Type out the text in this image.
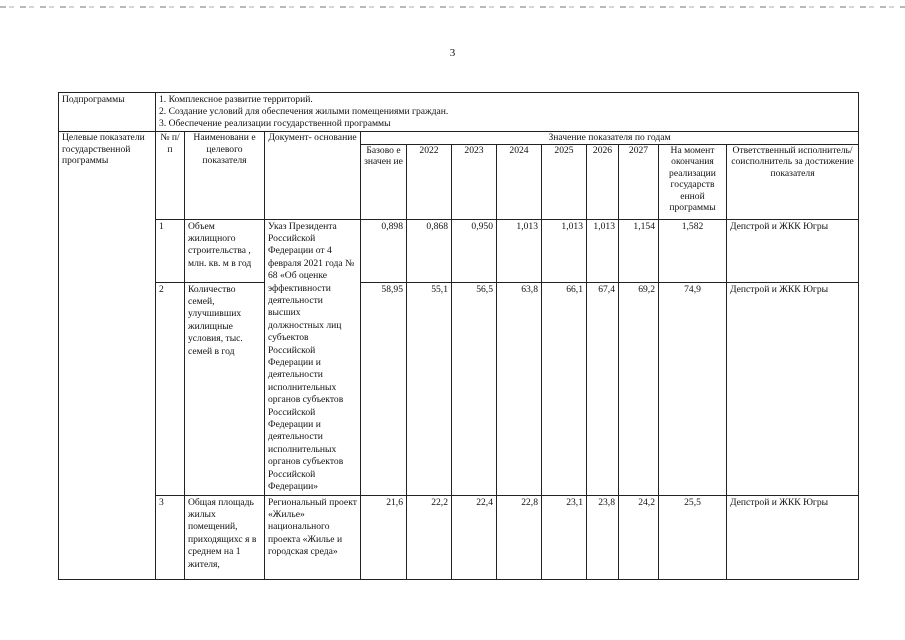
3
Подпрограммы	1. Комплексное развитие территорий.
2. Создание условий для обеспечения жилыми помещениями граждан.
3. Обеспечение реализации государственной программы											

Целевые показатели государственной программы	№ п/п	Наименовани е целевого показателя	Документ- основание	Значение показателя по годам								
				Базово е значен ие	2022	2023	2024	2025	2026	2027	На момент окончания реализации государств енной программы	Ответственный исполнитель/ соисполнитель за достижение показателя
	1	Объем жилищного строительства , млн. кв. м в год	Указ Президента Российской Федерации от 4 февраля 2021 года № 68 «Об оценке эффективности деятельности высших должностных лиц субъектов Российской Федерации и деятельности исполнительных органов субъектов Российской Федерации и деятельности исполнительных органов субъектов Российской Федерации»	0,898	0,868	0,950	1,013	1,013	1,013	1,154	1,582	Депстрой и ЖКК Югры
	2	Количество семей, улучшивших жилищные условия, тыс. семей в год		58,95	55,1	56,5	63,8	66,1	67,4	69,2	74,9	Депстрой и ЖКК Югры
	3	Общая площадь жилых помещений, приходящихс я в среднем на 1 жителя,	Региональный проект «Жилье» национального проекта «Жилье и городская среда»	21,6	22,2	22,4	22,8	23,1	23,8	24,2	25,5	Депстрой и ЖКК Югры
